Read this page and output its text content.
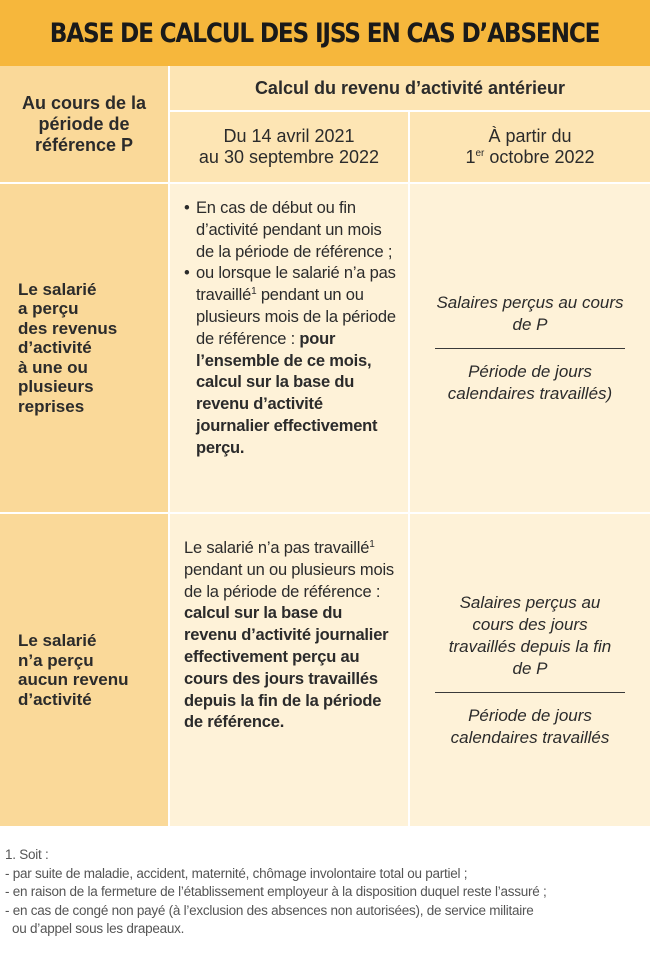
BASE DE CALCUL DES IJSS EN CAS D’ABSENCE
Au cours de la période de référence P
Calcul du revenu d’activité antérieur
Du 14 avril 2021
au 30 septembre 2022
À partir du
1er octobre 2022
Le salarié
a perçu
des revenus
d’activité
à une ou
plusieurs
reprises
• En cas de début ou fin d’activité pendant un mois de la période de référence ;
• ou lorsque le salarié n’a pas travaillé$^1$ pendant un ou plusieurs mois de la période de référence : pour l’ensemble de ce mois, calcul sur la base du revenu d’activité journalier effectivement perçu.
Salaires perçus au cours de P
Période de jours calendaires travaillés)
Le salarié
n’a perçu
aucun revenu
d’activité
Le salarié n’a pas travaillé$^1$ pendant un ou plusieurs mois de la période de référence : calcul sur la base du revenu d’activité journalier effectivement perçu au cours des jours travaillés depuis la fin de la période de référence.
Salaires perçus au cours des jours travaillés depuis la fin de P
Période de jours calendaires travaillés
1. Soit :
- par suite de maladie, accident, maternité, chômage involontaire total ou partiel ;
- en raison de la fermeture de l’établissement employeur à la disposition duquel reste l’assuré ;
- en cas de congé non payé (à l’exclusion des absences non autorisées), de service militaire
ou d’appel sous les drapeaux.
